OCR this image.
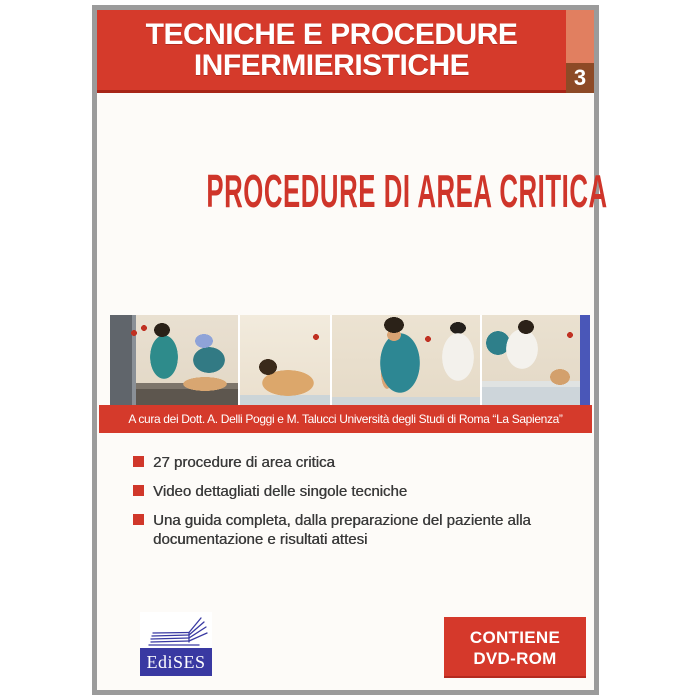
TECNICHE E PROCEDURE
INFERMIERISTICHE	3
PROCEDURE DI AREA CRITICA
A cura dei Dott. A. Delli Poggi e M. Talucci Università degli Studi di Roma “La Sapienza”
27 procedure di area critica
Video dettagliati delle singole tecniche
Una guida completa, dalla preparazione del paziente alla documentazione e risultati attesi
EdiSES
CONTIENE
DVD-ROM
